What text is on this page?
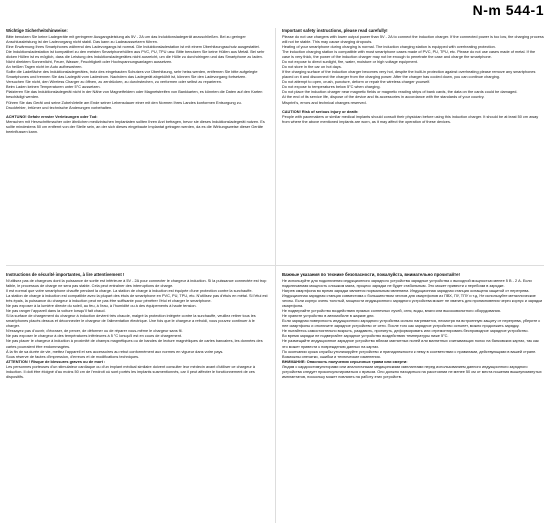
N-m 544-1
Wichtige Sicherheitshinweise:

Bitte benutzen Sie keine Ladegeräte mit geringerer Ausgangsleistung als 5V - 2A um das Induktionsladegerät anzuschließen. Bei zu geringer Anschlussleistung ist der Ladevorgang nicht stabil. Das kann zu Ladeausssetzern führen.

Eine Erwärmung Ihres Smartphones während des Ladevorgangs ist normal. Die Induktionsladestation ist mit einem Überhitzungsschutz ausgestattet.

Die Induktionsladestation ist kompatibel zu den meisten Smartphonehüllen aus PVC, PU, TPU usw. Bitte benutzen Sie keine Hüllen aus Metall. Bei sehr dicken Hüllen ist es möglich, dass die Leistung des Induktionsladegerätes nicht ausreicht, um die Hülle zu durchdringen und das Smartphone zu laden.

Nicht direktem Sonnenlicht, Feuer, Wasser, Feuchtigkeit oder Hochspannungsanlagen aussetzen.

An heißen Tagen nicht im Auto aufbewahren.

Sollte die Ladefläche des Induktionsladegerätes, trotz des eingebauten Schutzes vor Überhitzung, sehr heiss werden, entfernen Sie bitte aufgelegte Smartphones und trennen Sie das Ladegrät vom Ladestrom. Nachdem das Ladegerät abgekühlt ist, können Sie den Ladevorgang fortsetzen.

Versuchen Sie nicht, den Wireless Charger zu öffnen, zu zerdrücken, zu durchstechen, zu verformen oder selbst zu reparieren.

Beim Laden keinen Temperaturen unter 5°C aussetzen.

Platzieren Sie das Induktionsladegerät nicht in der Nähe von Magnetfeldern oder Magnetstreifen von Bankkarten, es könnten die Daten auf den Karten beschädigt werden.

Führen Sie das Gerät und seine Zubehörteile am Ende seiner Lebensdauer einer mit den Normen Ihres Landes konformen Entsorgung zu.

Druckfehler, Irrtümer und technische Änderungen vorbehalten.

ACHTUNG! Gefahr ernster Verletzungen oder Tod:

Menschen mit Herzschrittmacher oder ähnlichen medizinischen Implantaten sollten Ihren Arzt befragen, bevor sie dieses Induktionsladegerät nutzen. Es sollte mindestens 50 cm entfernt von der Stelle sein, an der sich dieses eingebaute Implantat getragen werden, da es die Wirkungsweise dieser Geräte beeinflussen kann.

Important safety instructions, please read carefully!

Please do not use chargers with lower output power than 5V - 2A to connect the induction charger. If the connected power is too low, the charging process will not be stable. This may cause charging dropouts.

Heating of your smartphone during charging is normal. The induction charging station is equipped with overheating protection.

The induction charging station is compatible with most smartphone cases made of PVC, PU, TPU, etc. Please do not use cases made of metal. If the case is very thick, the power of the induction charger may not be enough to penetrate the case and charge the smartphone.

Do not expose to direct sunlight, fire, water, moisture or high voltage equipment.

Do not store in the car on hot days.

If the charging surface of the induction charger becomes very hot, despite the built-in protection against overheating please remove any smartphones placed on it and disconnect the charger from the charging power. After the charger has cooled down, you can continue charging.

Do not attempt to open, crush, puncture, deform or repair the wireless charger yourself.

Do not expose to temperatures below 5°C when charging.

Do not place the induction charger near magnetic fields or magnetic reading strips of bank cards, the data on the cards could be damaged.

At the end of its service life, dispose of the device and its accessories in accordance with the standards of your country.

Misprint's, errors and technical changes reserved.

CAUTION! Risk of serious injury or death:

People with pacemakers or similar medical implants should consult their physician before using this induction charger. It should be at least 50 cm away from where the above mentioned implants are worn, as it may affect the operation of these devices.

Instructions de sécurité importantes, à lire attentivement !

N'utilisez pas de chargeurs dont la puissance de sortie est inférieure à 5V - 2A pour connecter le chargeur à induction. Si la puissance connectée est trop faible, le processus de charge ne sera pas stable. Cela peut entraîner des interruptions de charge.

Il est normal que votre smartphone chauffe pendant la charge. La station de charge à induction est équipée d'une protection contre la surchauffe.

La station de charge à induction est compatible avec la plupart des étuis de smartphone en PVC, PU, TPU, etc. N'utilisez pas d'étuis en métal. Si l'étui est très épais, la puissance du chargeur à induction peut ne pas être suffisante pour pénétrer l'étui et charger le smartphone.

Ne pas exposer à la lumière directe du soleil, au feu, à l'eau, à l'humidité ou à des équipements à haute tension.

Ne pas ranger l'appareil dans la voiture lorsqu'il fait chaud.

Si la surface de chargement du chargeur à induction devient très chaude, malgré la protection intégrée contre la surchauffe, veuillez retirer tous les smartphones placés dessus et déconnecter le chargeur de l'alimentation électrique. Une fois que le chargeur a refroidi, vous pouvez continuer à le charger.

N'essayez pas d'ouvrir, d'écraser, de percer, de déformer ou de réparer vous-même le chargeur sans fil.

Ne pas exposer le chargeur à des températures inférieures à 5 °C lorsqu'il est en cours de chargement.

Ne pas placer le chargeur à induction à proximité de champs magnétiques ou de bandes de lecture magnétiques de cartes bancaires, les données des cartes pourraient être endommagées.

À la fin de sa durée de vie, mettez l'appareil et ses accessoires au rebut conformément aux normes en vigueur dans votre pays.

Sous réserve de fautes d'impression, d'erreurs et de modifications techniques.

ATTENTION ! Risque de blessures graves ou de mort :

Les personnes porteuses d'un stimulateur cardiaque ou d'un implant médical similaire doivent consulter leur médecin avant d'utiliser ce chargeur à induction. Il doit être éloigné d'au moins 50 cm de l'endroit où sont portés les implants susmentionnés, car il peut affecter le fonctionnement de ces dispositifs.

Важные указания по технике безопасности, пожалуйста, внимательно прочитайте!

Не используйте для подключения индукционного зарядного устройства зарядные устройства с выходной мощностью менее 5 В - 2 А. Если подключаемая мощность слишком мала, процесс зарядки не будет стабильным. Это может привести к перебоям в зарядке.

Нагрев смартфона во время зарядки является нормальным явлением. Индукционная зарядная станция оснащена защитой от перегрева.

Индукционная зарядная станция совместима с большинством чехлов для смартфонов из ПВХ, ПУ, ТПУ и т.д. Не используйте металлические чехлы. Если корпус очень толстый, мощности индукционного зарядного устройства может не хватить для проникновения через корпус и зарядки смартфона.

Не подвергайте устройство воздействию прямых солнечных лучей, огня, воды, влаги или высоковольтного оборудования.

Не храните устройство в автомобиле в жаркие дни.

Если зарядная поверхность индукционного зарядного устройства сильно нагревается, несмотря на встроенную защиту от перегрева, уберите с нее смартфоны и отключите зарядное устройство от сети. После того как зарядное устройство остынет, можно продолжить зарядку.

Не пытайтесь самостоятельно вскрыть, раздавить, проткнуть, деформировать или отремонтировать беспроводное зарядное устройство.

Во время зарядки не подвергайте зарядное устройство воздействию температуры ниже 5°C.

Не размещайте индукционное зарядное устройство вблизи магнитных полей или магнитных считывающих полос на банковских картах, так как это может привести к повреждению данных на картах.

По окончании срока службы утилизируйте устройство и принадлежности к нему в соответствии с правилами, действующими в вашей стране.

Возможны опечатки, ошибки и технические изменения.

ВНИМАНИЕ: Опасность получения серьезных травм или смерти:

Людям с кардиостимуляторами или аналогичными медицинскими имплантами перед использованием данного индукционного зарядного устройства следует проконсультироваться с врачом. Оно должно находиться на расстоянии не менее 50 см от места ношения вышеупомянутых имплантатов, поскольку может повлиять на работу этих устройств.
